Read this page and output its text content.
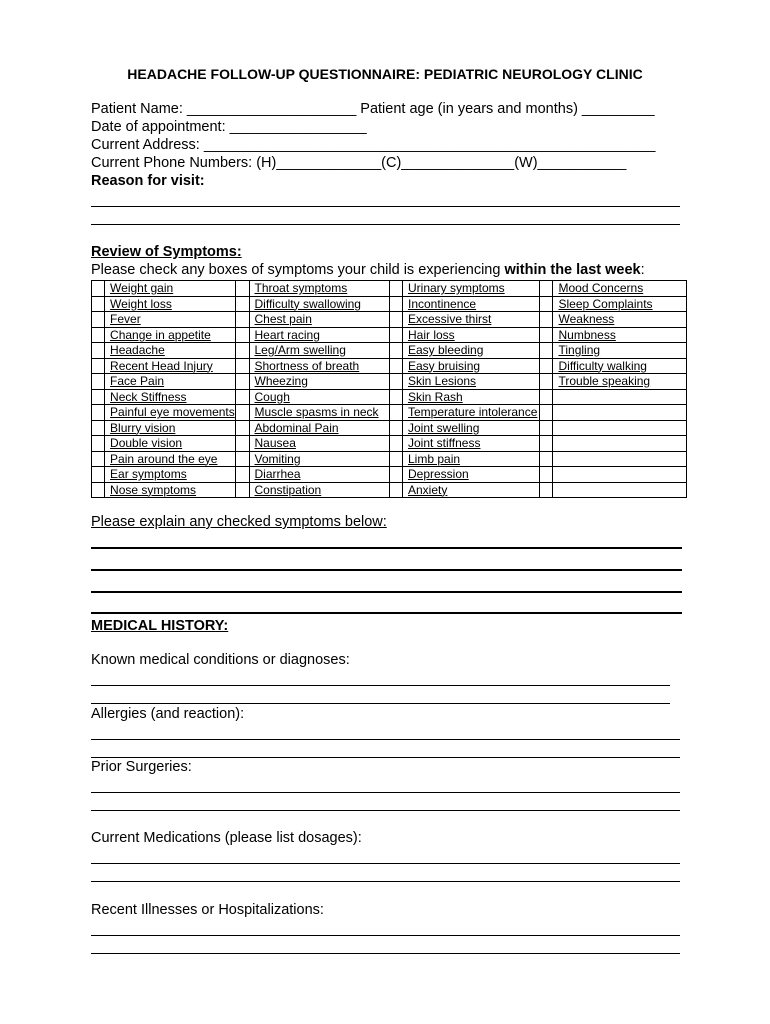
HEADACHE FOLLOW-UP QUESTIONNAIRE: PEDIATRIC NEUROLOGY CLINIC
Patient Name: _____________________ Patient age (in years and months) _________
Date of appointment: _________________
Current Address: ________________________________________________________
Current Phone Numbers: (H)_____________(C)______________(W)___________
Reason for visit:
Review of Symptoms:
Please check any boxes of symptoms your child is experiencing within the last week:
	Weight gain		Throat symptoms		Urinary symptoms		Mood Concerns
	Weight loss		Difficulty swallowing		Incontinence		Sleep Complaints
	Fever		Chest pain		Excessive thirst		Weakness
	Change in appetite		Heart racing		Hair loss		Numbness
	Headache		Leg/Arm swelling		Easy bleeding		Tingling
	Recent Head Injury		Shortness of breath		Easy bruising		Difficulty walking
	Face Pain		Wheezing		Skin Lesions		Trouble speaking
	Neck Stiffness		Cough		Skin Rash		
	Painful eye movements		Muscle spasms in neck		Temperature intolerance		
	Blurry vision		Abdominal Pain		Joint swelling		
	Double vision		Nausea		Joint stiffness		
	Pain around the eye		Vomiting		Limb pain		
	Ear symptoms		Diarrhea		Depression		
	Nose symptoms		Constipation		Anxiety		
Please explain any checked symptoms below:
MEDICAL HISTORY:
Known medical conditions or diagnoses:
Allergies (and reaction):
Prior Surgeries:
Current Medications (please list dosages):
Recent Illnesses or Hospitalizations:
